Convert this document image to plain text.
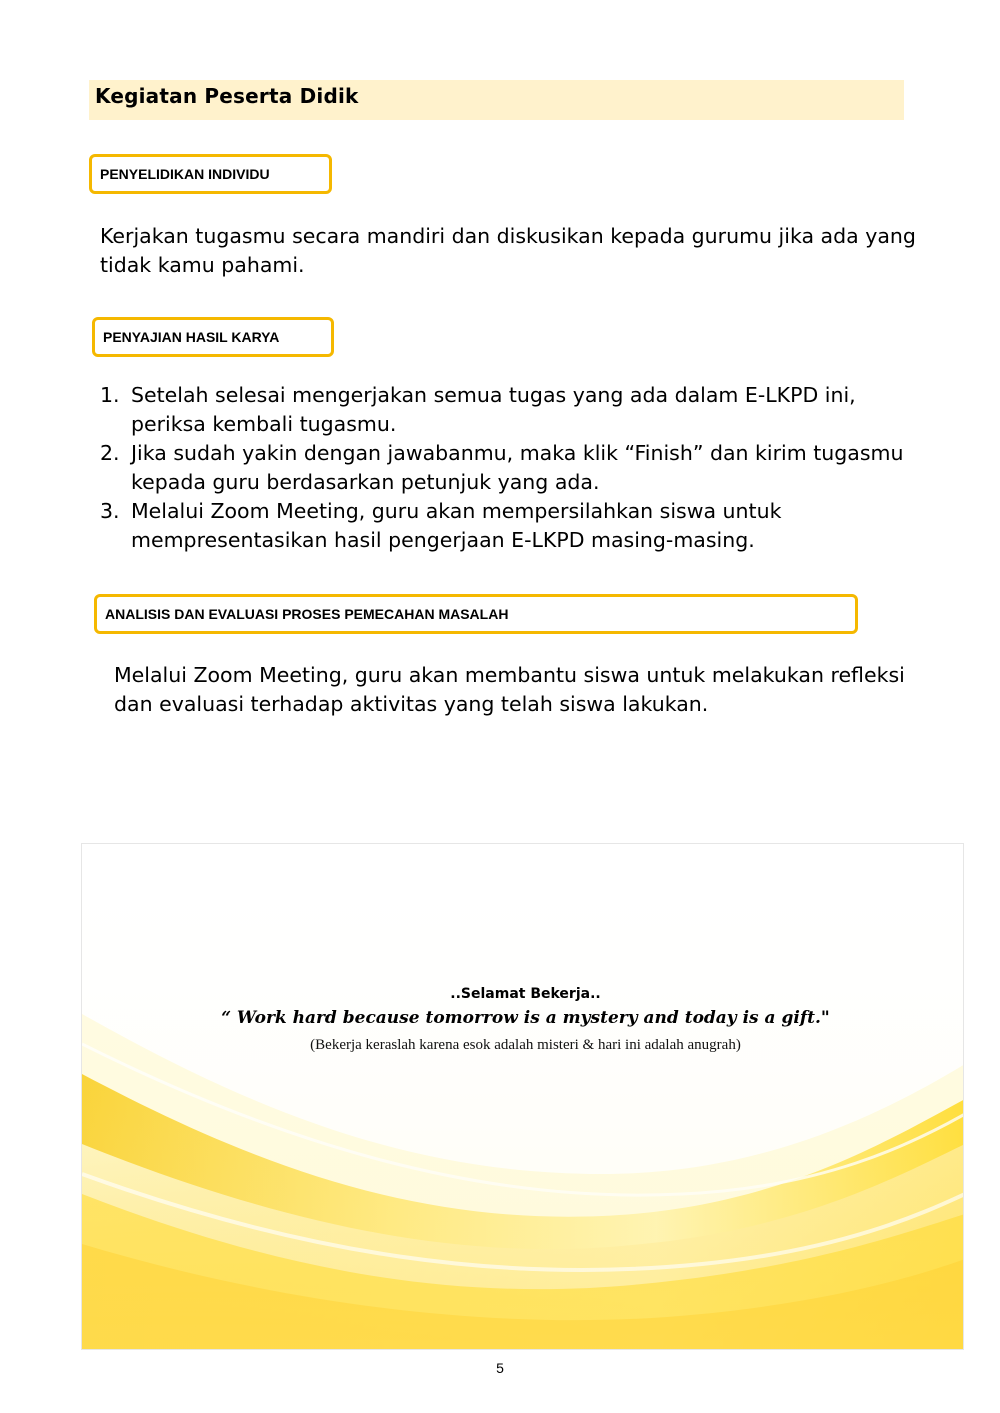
Kegiatan Peserta Didik
PENYELIDIKAN INDIVIDU

Kerjakan tugasmu secara mandiri dan diskusikan kepada gurumu jika ada yang tidak kamu pahami.

PENYAJIAN HASIL KARYA
1. Setelah selesai mengerjakan semua tugas yang ada dalam E-LKPD ini, periksa kembali tugasmu.
2. Jika sudah yakin dengan jawabanmu, maka klik “Finish” dan kirim tugasmu kepada guru berdasarkan petunjuk yang ada.
3. Melalui Zoom Meeting, guru akan mempersilahkan siswa untuk mempresentasikan hasil pengerjaan E-LKPD masing-masing.
ANALISIS DAN EVALUASI PROSES PEMECAHAN MASALAH

Melalui Zoom Meeting, guru akan membantu siswa untuk melakukan refleksi dan evaluasi terhadap aktivitas yang telah siswa lakukan.

..Selamat Bekerja..
“ Work hard because tomorrow is a mystery and today is a gift."
(Bekerja keraslah karena esok adalah misteri & hari ini adalah anugrah)
5
